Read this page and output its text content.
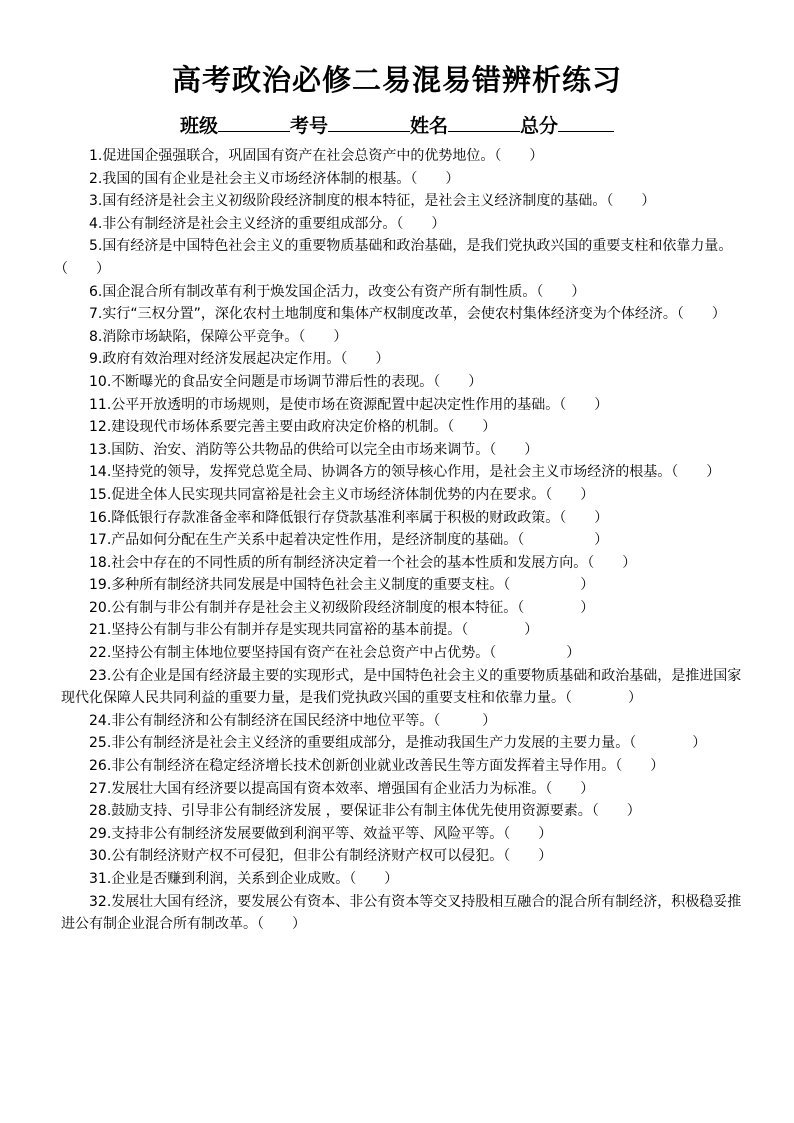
高考政治必修二易混易错辨析练习
班级	考号	姓名	总分

1.促进国企强强联合，巩固国有资产在社会总资产中的优势地位。（　　）

2.我国的国有企业是社会主义市场经济体制的根基。（　　）

3.国有经济是社会主义初级阶段经济制度的根本特征，是社会主义经济制度的基础。（　　）

4.非公有制经济是社会主义经济的重要组成部分。（　　）

5.国有经济是中国特色社会主义的重要物质基础和政治基础，是我们党执政兴国的重要支柱和依靠力量。（　　）

6.国企混合所有制改革有利于焕发国企活力，改变公有资产所有制性质。（　　）

7.实行“三权分置”，深化农村土地制度和集体产权制度改革，会使农村集体经济变为个体经济。（　　）

8.消除市场缺陷，保障公平竞争。（　　）

9.政府有效治理对经济发展起决定作用。（　　）

10.不断曝光的食品安全问题是市场调节滞后性的表现。（　　）

11.公平开放透明的市场规则，是使市场在资源配置中起决定性作用的基础。（　　）

12.建设现代市场体系要完善主要由政府决定价格的机制。（　　）

13.国防、治安、消防等公共物品的供给可以完全由市场来调节。（　　）

14.坚持党的领导，发挥党总览全局、协调各方的领导核心作用，是社会主义市场经济的根基。（　　）

15.促进全体人民实现共同富裕是社会主义市场经济体制优势的内在要求。（　　）

16.降低银行存款准备金率和降低银行存贷款基准利率属于积极的财政政策。（　　）

17.产品如何分配在生产关系中起着决定性作用，是经济制度的基础。（　　　　　）

18.社会中存在的不同性质的所有制经济决定着一个社会的基本性质和发展方向。（　　）

19.多种所有制经济共同发展是中国特色社会主义制度的重要支柱。（　　　　　）

20.公有制与非公有制并存是社会主义初级阶段经济制度的根本特征。（　　　　）

21.坚持公有制与非公有制并存是实现共同富裕的基本前提。（　　　　）

22.坚持公有制主体地位要坚持国有资产在社会总资产中占优势。（　　　　　）

23.公有企业是国有经济最主要的实现形式，是中国特色社会主义的重要物质基础和政治基础，是推进国家现代化保障人民共同利益的重要力量，是我们党执政兴国的重要支柱和依靠力量。（　　　　）

24.非公有制经济和公有制经济在国民经济中地位平等。（　　　）

25.非公有制经济是社会主义经济的重要组成部分，是推动我国生产力发展的主要力量。（　　　　）

26.非公有制经济在稳定经济增长技术创新创业就业改善民生等方面发挥着主导作用。（　　）

27.发展壮大国有经济要以提高国有资本效率、增强国有企业活力为标准。（　　）

28.鼓励支持、引导非公有制经济发展 ，要保证非公有制主体优先使用资源要素。（　　）

29.支持非公有制经济发展要做到利润平等、效益平等、风险平等。（　　）

30.公有制经济财产权不可侵犯，但非公有制经济财产权可以侵犯。（　　）

31.企业是否赚到利润，关系到企业成败。（　　）

32.发展壮大国有经济，要发展公有资本、非公有资本等交叉持股相互融合的混合所有制经济，积极稳妥推进公有制企业混合所有制改革。（　　）
